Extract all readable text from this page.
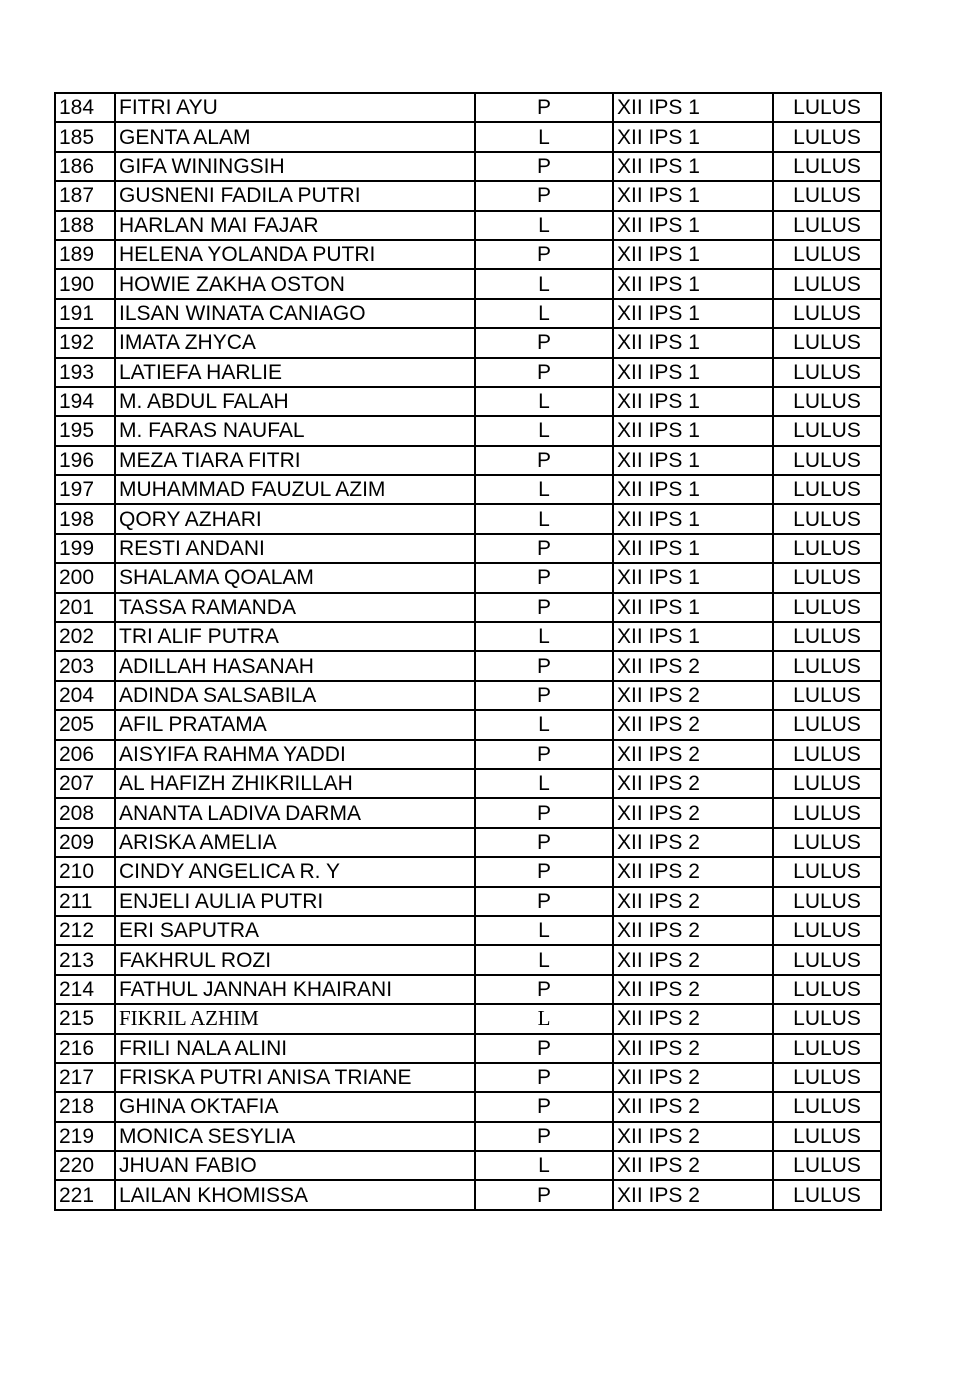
184	FITRI AYU	P	XII IPS 1	LULUS
185	GENTA ALAM	L	XII IPS 1	LULUS
186	GIFA WININGSIH	P	XII IPS 1	LULUS
187	GUSNENI FADILA PUTRI	P	XII IPS 1	LULUS
188	HARLAN MAI FAJAR	L	XII IPS 1	LULUS
189	HELENA YOLANDA PUTRI	P	XII IPS 1	LULUS
190	HOWIE ZAKHA OSTON	L	XII IPS 1	LULUS
191	ILSAN WINATA CANIAGO	L	XII IPS 1	LULUS
192	IMATA ZHYCA	P	XII IPS 1	LULUS
193	LATIEFA HARLIE	P	XII IPS 1	LULUS
194	M. ABDUL FALAH	L	XII IPS 1	LULUS
195	M. FARAS NAUFAL	L	XII IPS 1	LULUS
196	MEZA TIARA FITRI	P	XII IPS 1	LULUS
197	MUHAMMAD FAUZUL AZIM	L	XII IPS 1	LULUS
198	QORY AZHARI	L	XII IPS 1	LULUS
199	RESTI ANDANI	P	XII IPS 1	LULUS
200	SHALAMA QOALAM	P	XII IPS 1	LULUS
201	TASSA RAMANDA	P	XII IPS 1	LULUS
202	TRI ALIF PUTRA	L	XII IPS 1	LULUS
203	ADILLAH HASANAH	P	XII IPS 2	LULUS
204	ADINDA SALSABILA	P	XII IPS 2	LULUS
205	AFIL PRATAMA	L	XII IPS 2	LULUS
206	AISYIFA RAHMA YADDI	P	XII IPS 2	LULUS
207	AL HAFIZH ZHIKRILLAH	L	XII IPS 2	LULUS
208	ANANTA LADIVA DARMA	P	XII IPS 2	LULUS
209	ARISKA AMELIA	P	XII IPS 2	LULUS
210	CINDY ANGELICA R. Y	P	XII IPS 2	LULUS
211	ENJELI AULIA PUTRI	P	XII IPS 2	LULUS
212	ERI SAPUTRA	L	XII IPS 2	LULUS
213	FAKHRUL ROZI	L	XII IPS 2	LULUS
214	FATHUL JANNAH KHAIRANI	P	XII IPS 2	LULUS
215	FIKRIL AZHIM	L	XII IPS 2	LULUS
216	FRILI NALA ALINI	P	XII IPS 2	LULUS
217	FRISKA PUTRI ANISA TRIANE	P	XII IPS 2	LULUS
218	GHINA OKTAFIA	P	XII IPS 2	LULUS
219	MONICA SESYLIA	P	XII IPS 2	LULUS
220	JHUAN FABIO	L	XII IPS 2	LULUS
221	LAILAN KHOMISSA	P	XII IPS 2	LULUS
